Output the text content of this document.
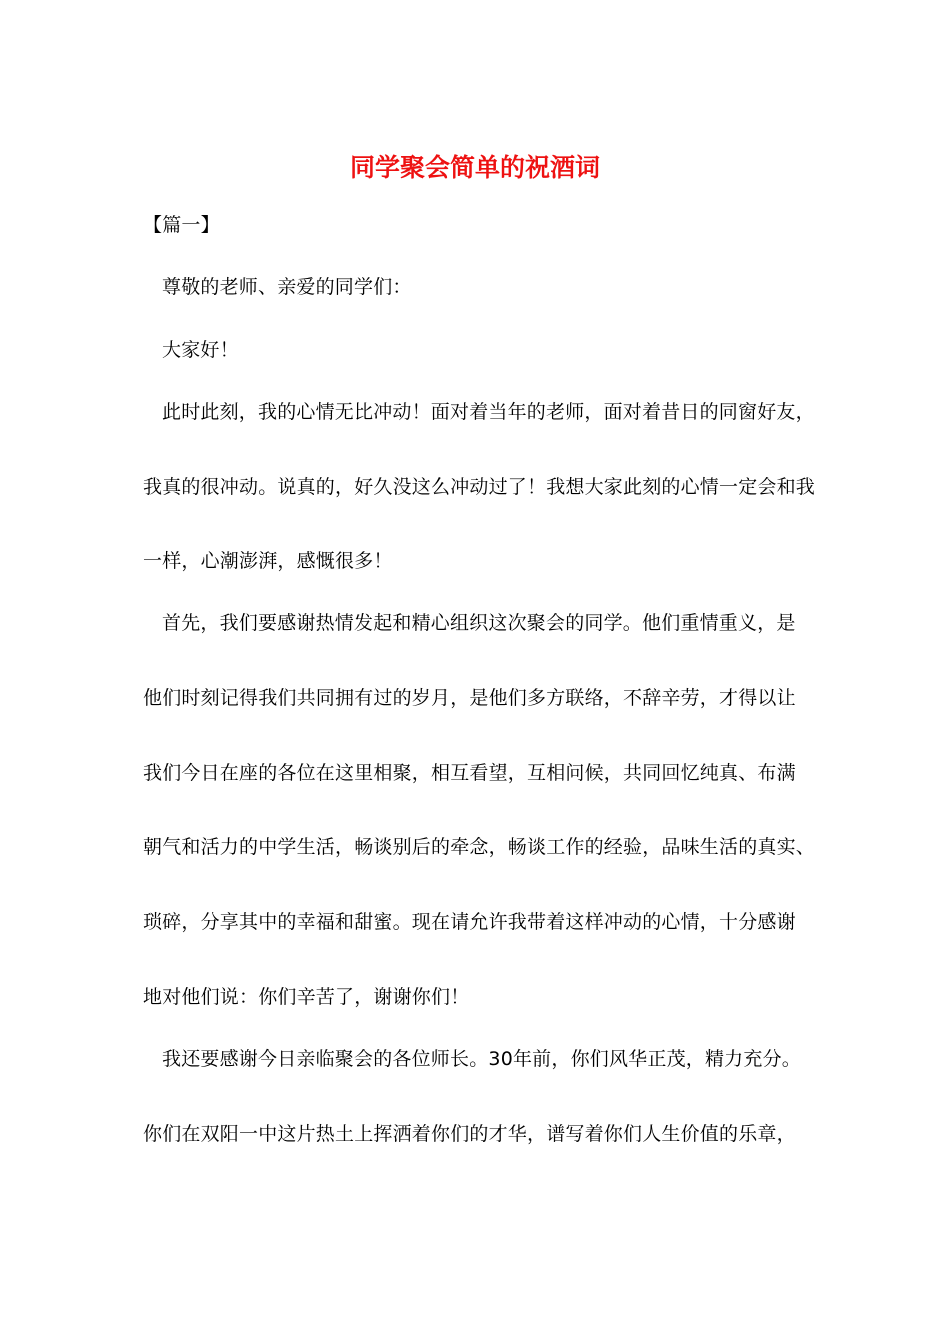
同学聚会简单的祝酒词
【篇一】
尊敬的老师、亲爱的同学们：
大家好！
此时此刻，我的心情无比冲动！面对着当年的老师，面对着昔日的同窗好友，
我真的很冲动。说真的，好久没这么冲动过了！我想大家此刻的心情一定会和我
一样，心潮澎湃，感慨很多！
首先，我们要感谢热情发起和精心组织这次聚会的同学。他们重情重义，是
他们时刻记得我们共同拥有过的岁月，是他们多方联络，不辞辛劳，才得以让
我们今日在座的各位在这里相聚，相互看望，互相问候，共同回忆纯真、布满
朝气和活力的中学生活，畅谈别后的牵念，畅谈工作的经验，品味生活的真实、
琐碎，分享其中的幸福和甜蜜。现在请允许我带着这样冲动的心情，十分感谢
地对他们说：你们辛苦了，谢谢你们！
我还要感谢今日亲临聚会的各位师长。30年前，你们风华正茂，精力充分。
你们在双阳一中这片热土上挥洒着你们的才华，谱写着你们人生价值的乐章，
